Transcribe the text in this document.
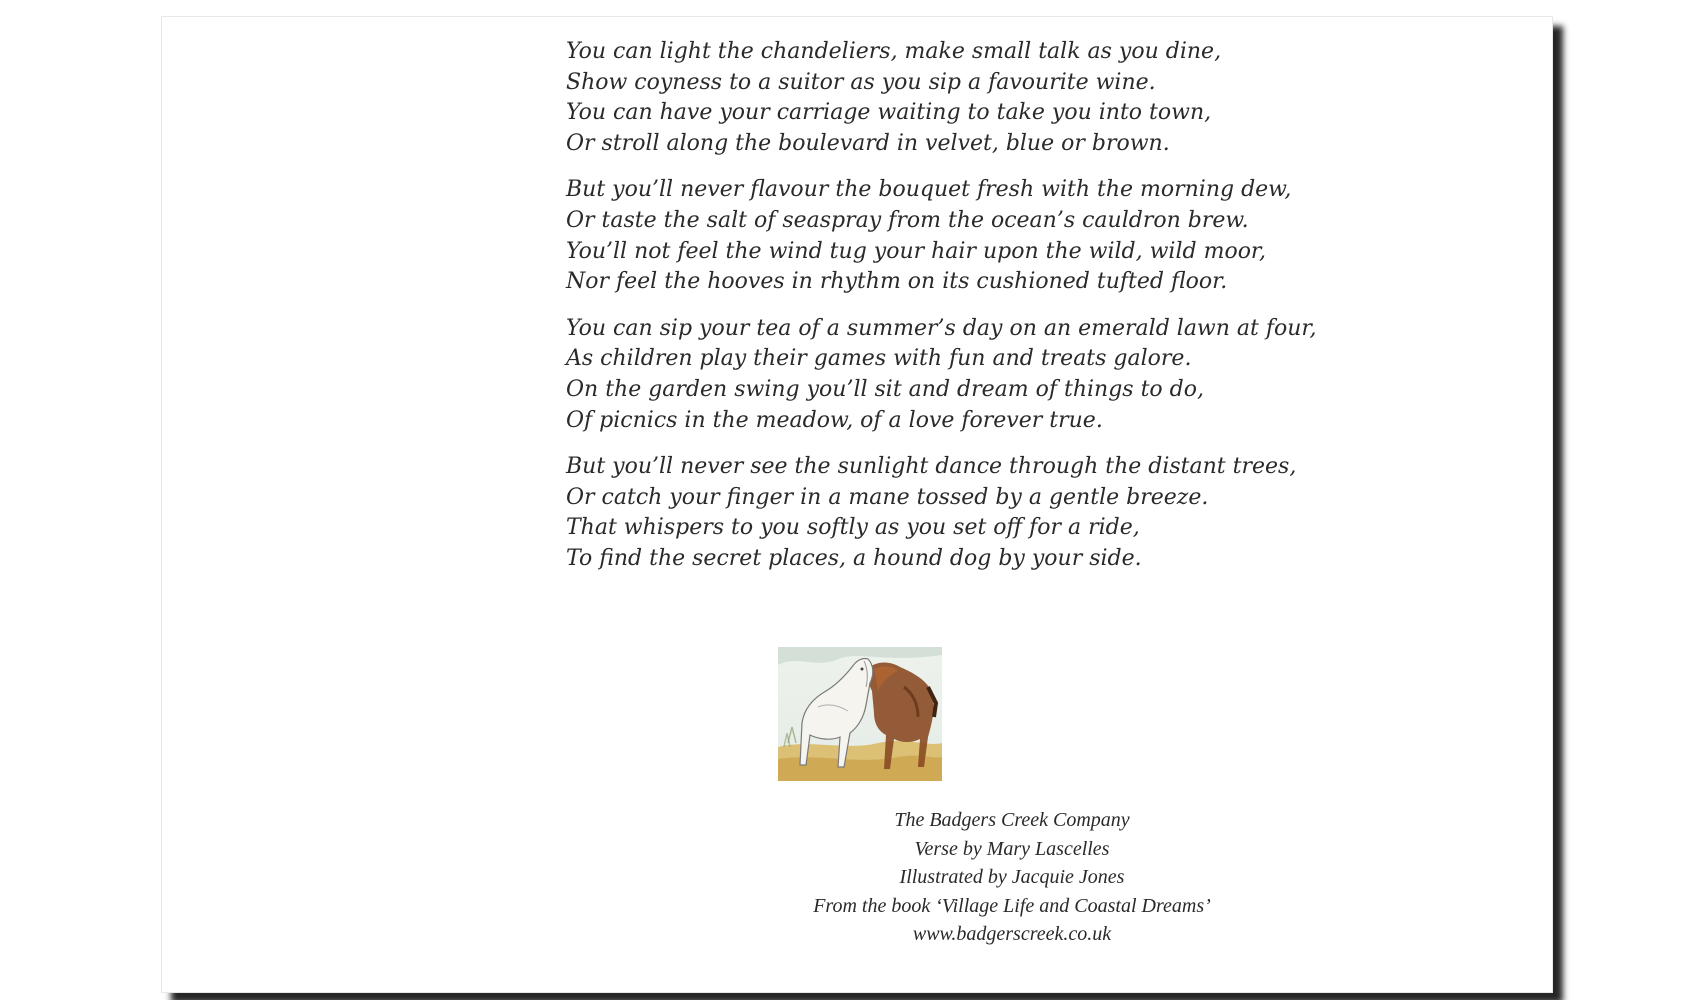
You can light the chandeliers, make small talk as you dine,
Show coyness to a suitor as you sip a favourite wine.
You can have your carriage waiting to take you into town,
Or stroll along the boulevard in velvet, blue or brown.
But you’ll never flavour the bouquet fresh with the morning dew,
Or taste the salt of seaspray from the ocean’s cauldron brew.
You’ll not feel the wind tug your hair upon the wild, wild moor,
Nor feel the hooves in rhythm on its cushioned tufted floor.
You can sip your tea of a summer’s day on an emerald lawn at four,
As children play their games with fun and treats galore.
On the garden swing you’ll sit and dream of things to do,
Of picnics in the meadow, of a love forever true.
But you’ll never see the sunlight dance through the distant trees,
Or catch your finger in a mane tossed by a gentle breeze.
That whispers to you softly as you set off for a ride,
To find the secret places, a hound dog by your side.
The Badgers Creek Company
Verse by Mary Lascelles
Illustrated by Jacquie Jones
From the book ‘Village Life and Coastal Dreams’
www.badgerscreek.co.uk
